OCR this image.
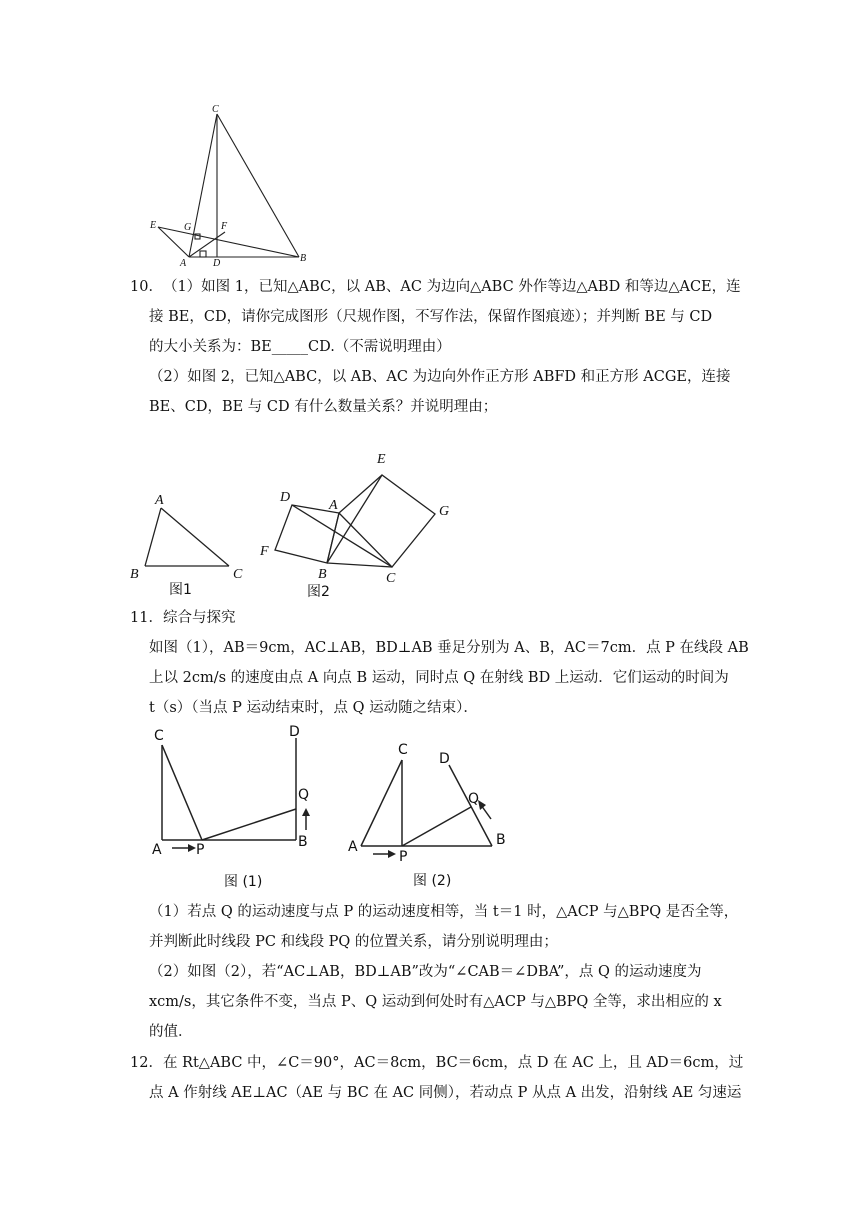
C
E	G	F
A	D	B
10．（1）如图 1，已知△ABC，以 AB、AC 为边向△ABC 外作等边△ABD 和等边△ACE，连
接 BE，CD，请你完成图形（尺规作图，不写作法，保留作图痕迹）；并判断 BE 与 CD
的大小关系为：BE_____CD.（不需说明理由）
（2）如图 2，已知△ABC，以 AB、AC 为边向外作正方形 ABFD 和正方形 ACGE，连接
BE、CD，BE 与 CD 有什么数量关系？并说明理由；
A
B	C
图1
D
A
E
G
F
B	C
图2
11．综合与探究
如图（1），AB＝9cm，AC⊥AB，BD⊥AB 垂足分别为 A、B，AC＝7cm．点 P 在线段 AB
上以 2cm/s 的速度由点 A 向点 B 运动，同时点 Q 在射线 BD 上运动．它们运动的时间为
t（s）（当点 P 运动结束时，点 Q 运动随之结束）．
C	D
Q
B
A P
图 (1)
C
D
Q
B
A
P
图 (2)
（1）若点 Q 的运动速度与点 P 的运动速度相等，当 t＝1 时，△ACP 与△BPQ 是否全等，
并判断此时线段 PC 和线段 PQ 的位置关系，请分别说明理由；
（2）如图（2），若“AC⊥AB，BD⊥AB”改为“∠CAB＝∠DBA”，点 Q 的运动速度为
xcm/s，其它条件不变，当点 P、Q 运动到何处时有△ACP 与△BPQ 全等，求出相应的 x
的值．
12．在 Rt△ABC 中，∠C＝90°，AC＝8cm，BC＝6cm，点 D 在 AC 上，且 AD＝6cm，过
点 A 作射线 AE⊥AC（AE 与 BC 在 AC 同侧），若动点 P 从点 A 出发，沿射线 AE 匀速运
